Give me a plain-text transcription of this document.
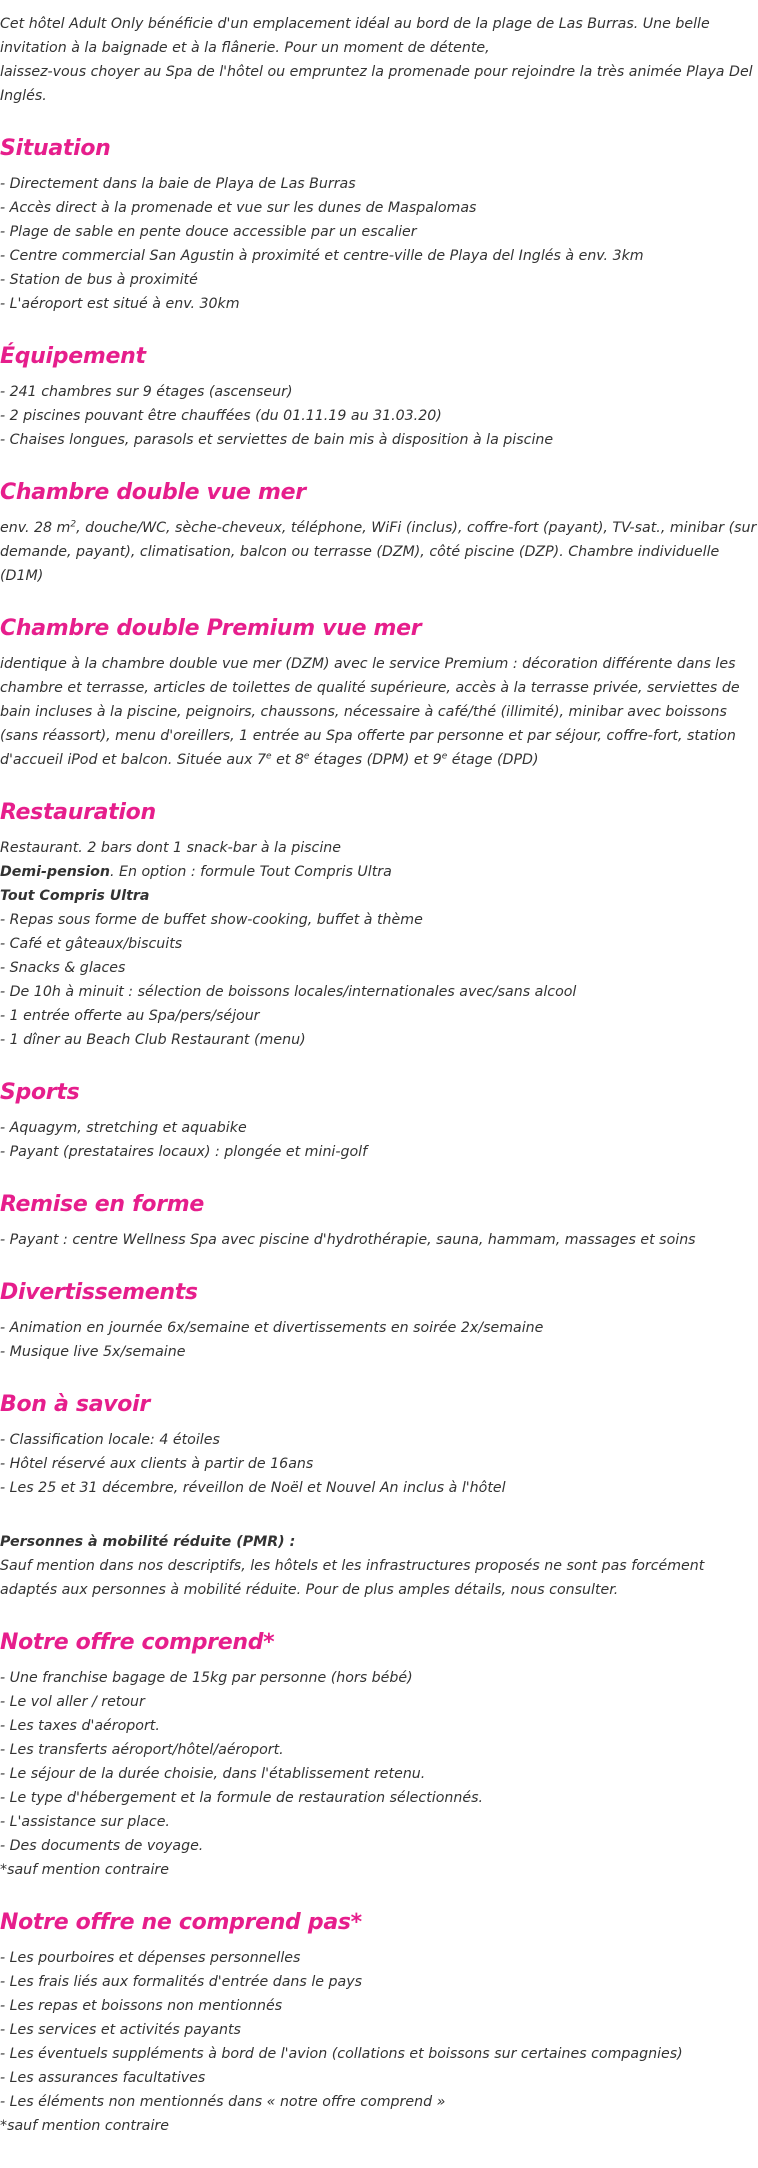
Cet hôtel Adult Only bénéficie d'un emplacement idéal au bord de la plage de Las Burras. Une belle invitation à la baignade et à la flânerie. Pour un moment de détente,

laissez-vous choyer au Spa de l'hôtel ou empruntez la promenade pour rejoindre la très animée Playa Del Inglés.

Situation
- Directement dans la baie de Playa de Las Burras
- Accès direct à la promenade et vue sur les dunes de Maspalomas
- Plage de sable en pente douce accessible par un escalier
- Centre commercial San Agustin à proximité et centre-ville de Playa del Inglés à env. 3km
- Station de bus à proximité
- L'aéroport est situé à env. 30km
Équipement
- 241 chambres sur 9 étages (ascenseur)
- 2 piscines pouvant être chauffées (du 01.11.19 au 31.03.20)
- Chaises longues, parasols et serviettes de bain mis à disposition à la piscine
Chambre double vue mer

env. 28 $m^2$, douche/WC, sèche-cheveux, téléphone, WiFi (inclus), coffre-fort (payant), TV-sat., minibar (sur demande, payant), climatisation, balcon ou terrasse (DZM), côté piscine (DZP). Chambre individuelle (D1M)

Chambre double Premium vue mer

identique à la chambre double vue mer (DZM) avec le service Premium : décoration différente dans les chambre et terrasse, articles de toilettes de qualité supérieure, accès à la terrasse privée, serviettes de bain incluses à la piscine, peignoirs, chaussons, nécessaire à café/thé (illimité), minibar avec boissons (sans réassort), menu d'oreillers, 1 entrée au Spa offerte par personne et par séjour, coffre-fort, station d'accueil iPod et balcon. Située aux 7e et 8e étages (DPM) et 9e étage (DPD)

Restauration
Restaurant. 2 bars dont 1 snack-bar à la piscine
Demi-pension. En option : formule Tout Compris Ultra
Tout Compris Ultra
- Repas sous forme de buffet show-cooking, buffet à thème
- Café et gâteaux/biscuits
- Snacks & glaces
- De 10h à minuit : sélection de boissons locales/internationales avec/sans alcool
- 1 entrée offerte au Spa/pers/séjour
- 1 dîner au Beach Club Restaurant (menu)
Sports
- Aquagym, stretching et aquabike
- Payant (prestataires locaux) : plongée et mini-golf
Remise en forme
- Payant : centre Wellness Spa avec piscine d'hydrothérapie, sauna, hammam, massages et soins
Divertissements
- Animation en journée 6x/semaine et divertissements en soirée 2x/semaine
- Musique live 5x/semaine
Bon à savoir
- Classification locale: 4 étoiles
- Hôtel réservé aux clients à partir de 16ans
- Les 25 et 31 décembre, réveillon de Noël et Nouvel An inclus à l'hôtel
Personnes à mobilité réduite (PMR) :
Sauf mention dans nos descriptifs, les hôtels et les infrastructures proposés ne sont pas forcément adaptés aux personnes à mobilité réduite. Pour de plus amples détails, nous consulter.
Notre offre comprend*
- Une franchise bagage de 15kg par personne (hors bébé)
- Le vol aller / retour
- Les taxes d'aéroport.
- Les transferts aéroport/hôtel/aéroport.
- Le séjour de la durée choisie, dans l'établissement retenu.
- Le type d'hébergement et la formule de restauration sélectionnés.
- L'assistance sur place.
- Des documents de voyage.
*sauf mention contraire
Notre offre ne comprend pas*
- Les pourboires et dépenses personnelles
- Les frais liés aux formalités d'entrée dans le pays
- Les repas et boissons non mentionnés
- Les services et activités payants
- Les éventuels suppléments à bord de l'avion (collations et boissons sur certaines compagnies)
- Les assurances facultatives
- Les éléments non mentionnés dans « notre offre comprend »
*sauf mention contraire
